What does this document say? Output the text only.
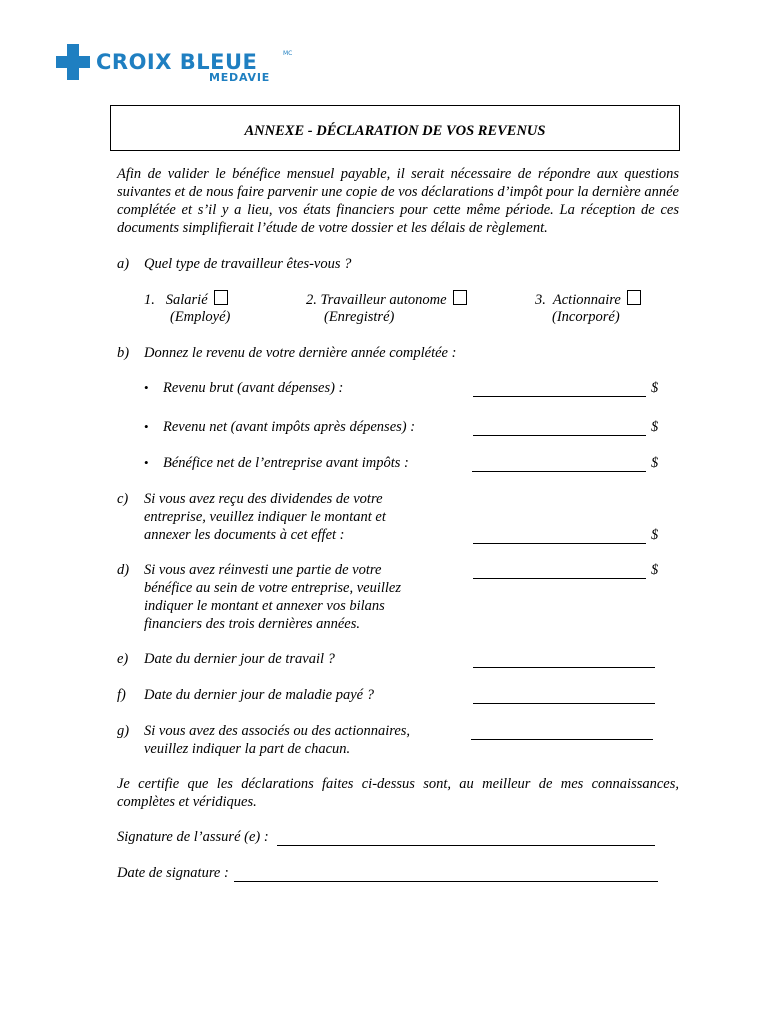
CROIX BLEUE	MC
MEDAVIE
ANNEXE - DÉCLARATION DE VOS REVENUS
Afin de valider le bénéfice mensuel payable, il serait nécessaire de répondre aux questions suivantes et de nous faire parvenir une copie de vos déclarations d’impôt pour la dernière année complétée et s’il y a lieu, vos états financiers pour cette même période. La réception de ces documents simplifierait l’étude de votre dossier et les délais de règlement.
a) Quel type de travailleur êtes-vous ?
1. Salarié
(Employé)
2. Travailleur autonome
(Enregistré)
3. Actionnaire
(Incorporé)
b) Donnez le revenu de votre dernière année complétée :
• Revenu brut (avant dépenses) :	$
• Revenu net (avant impôts après dépenses) :	$
• Bénéfice net de l’entreprise avant impôts :	$
c) Si vous avez reçu des dividendes de votre
entreprise, veuillez indiquer le montant et
annexer les documents à cet effet :	$
d) Si vous avez réinvesti une partie de votre
bénéfice au sein de votre entreprise, veuillez
indiquer le montant et annexer vos bilans
financiers des trois dernières années.
$
e) Date du dernier jour de travail ?
f) Date du dernier jour de maladie payé ?
g) Si vous avez des associés ou des actionnaires,
veuillez indiquer la part de chacun.
Je certifie que les déclarations faites ci-dessus sont, au meilleur de mes connaissances, complètes et véridiques.
Signature de l’assuré (e) :
Date de signature :
